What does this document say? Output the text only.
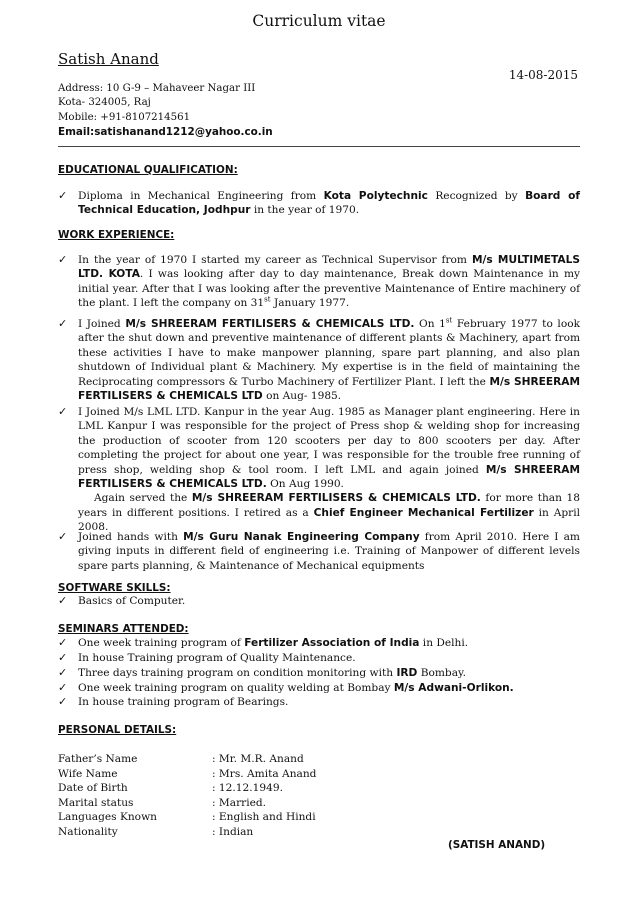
Curriculum vitae
Satish Anand
14-08-2015
Address: 10 G-9 – Mahaveer Nagar III
Kota- 324005, Raj
Mobile: +91-8107214561
Email:satishanand1212@yahoo.co.in
EDUCATIONAL QUALIFICATION:
✓ Diploma in Mechanical Engineering from Kota Polytechnic Recognized by Board of Technical Education, Jodhpur in the year of 1970.
WORK EXPERIENCE:
✓ In the year of 1970 I started my career as Technical Supervisor from M/s MULTIMETALS LTD. KOTA. I was looking after day to day maintenance, Break down Maintenance in my initial year. After that I was looking after the preventive Maintenance of Entire machinery of the plant. I left the company on 31st January 1977.
✓ I Joined M/s SHREERAM FERTILISERS & CHEMICALS LTD. On 1st February 1977 to look after the shut down and preventive maintenance of different plants & Machinery, apart from these activities I have to make manpower planning, spare part planning, and also plan shutdown of Individual plant & Machinery. My expertise is in the field of maintaining the Reciprocating compressors & Turbo Machinery of Fertilizer Plant. I left the M/s SHREERAM FERTILISERS & CHEMICALS LTD on Aug- 1985.
✓ I Joined M/s LML LTD. Kanpur in the year Aug. 1985 as Manager plant engineering. Here in LML Kanpur I was responsible for the project of Press shop & welding shop for increasing the production of scooter from 120 scooters per day to 800 scooters per day. After completing the project for about one year, I was responsible for the trouble free running of press shop, welding shop & tool room. I left LML and again joined M/s SHREERAM FERTILISERS & CHEMICALS LTD. On Aug 1990.
Again served the M/s SHREERAM FERTILISERS & CHEMICALS LTD. for more than 18 years in different positions. I retired as a Chief Engineer Mechanical Fertilizer in April 2008.
✓ Joined hands with M/s Guru Nanak Engineering Company from April 2010. Here I am giving inputs in different field of engineering i.e. Training of Manpower of different levels spare parts planning, & Maintenance of Mechanical equipments
SOFTWARE SKILLS:
✓ Basics of Computer.
SEMINARS ATTENDED:
✓ One week training program of Fertilizer Association of India in Delhi.
✓ In house Training program of Quality Maintenance.
✓ Three days training program on condition monitoring with IRD Bombay.
✓ One week training program on quality welding at Bombay M/s Adwani-Orlikon.
✓ In house training program of Bearings.
PERSONAL DETAILS:
Father’s Name	: Mr. M.R. Anand
Wife Name	: Mrs. Amita Anand
Date of Birth	: 12.12.1949.
Marital status	: Married.
Languages Known	: English and Hindi
Nationality	: Indian
(SATISH ANAND)
